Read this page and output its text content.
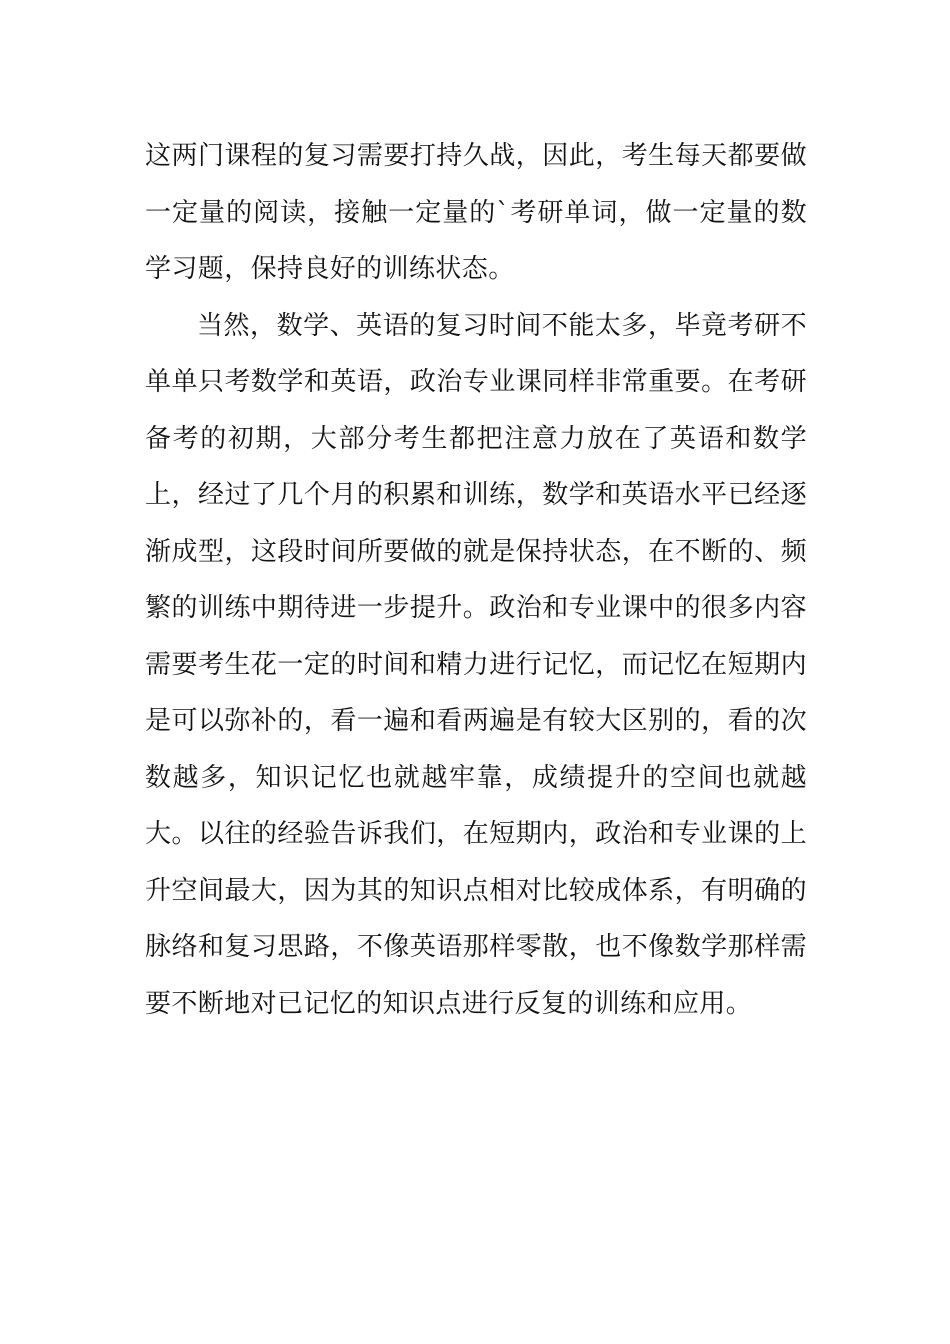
这两门课程的复习需要打持久战，因此，考生每天都要做一定量的阅读，接触一定量的`考研单词，做一定量的数学习题，保持良好的训练状态。

当然，数学、英语的复习时间不能太多，毕竟考研不单单只考数学和英语，政治专业课同样非常重要。在考研备考的初期，大部分考生都把注意力放在了英语和数学上，经过了几个月的积累和训练，数学和英语水平已经逐渐成型，这段时间所要做的就是保持状态，在不断的、频繁的训练中期待进一步提升。政治和专业课中的很多内容需要考生花一定的时间和精力进行记忆，而记忆在短期内是可以弥补的，看一遍和看两遍是有较大区别的，看的次数越多，知识记忆也就越牢靠，成绩提升的空间也就越大。以往的经验告诉我们，在短期内，政治和专业课的上升空间最大，因为其的知识点相对比较成体系，有明确的脉络和复习思路，不像英语那样零散，也不像数学那样需要不断地对已记忆的知识点进行反复的训练和应用。
